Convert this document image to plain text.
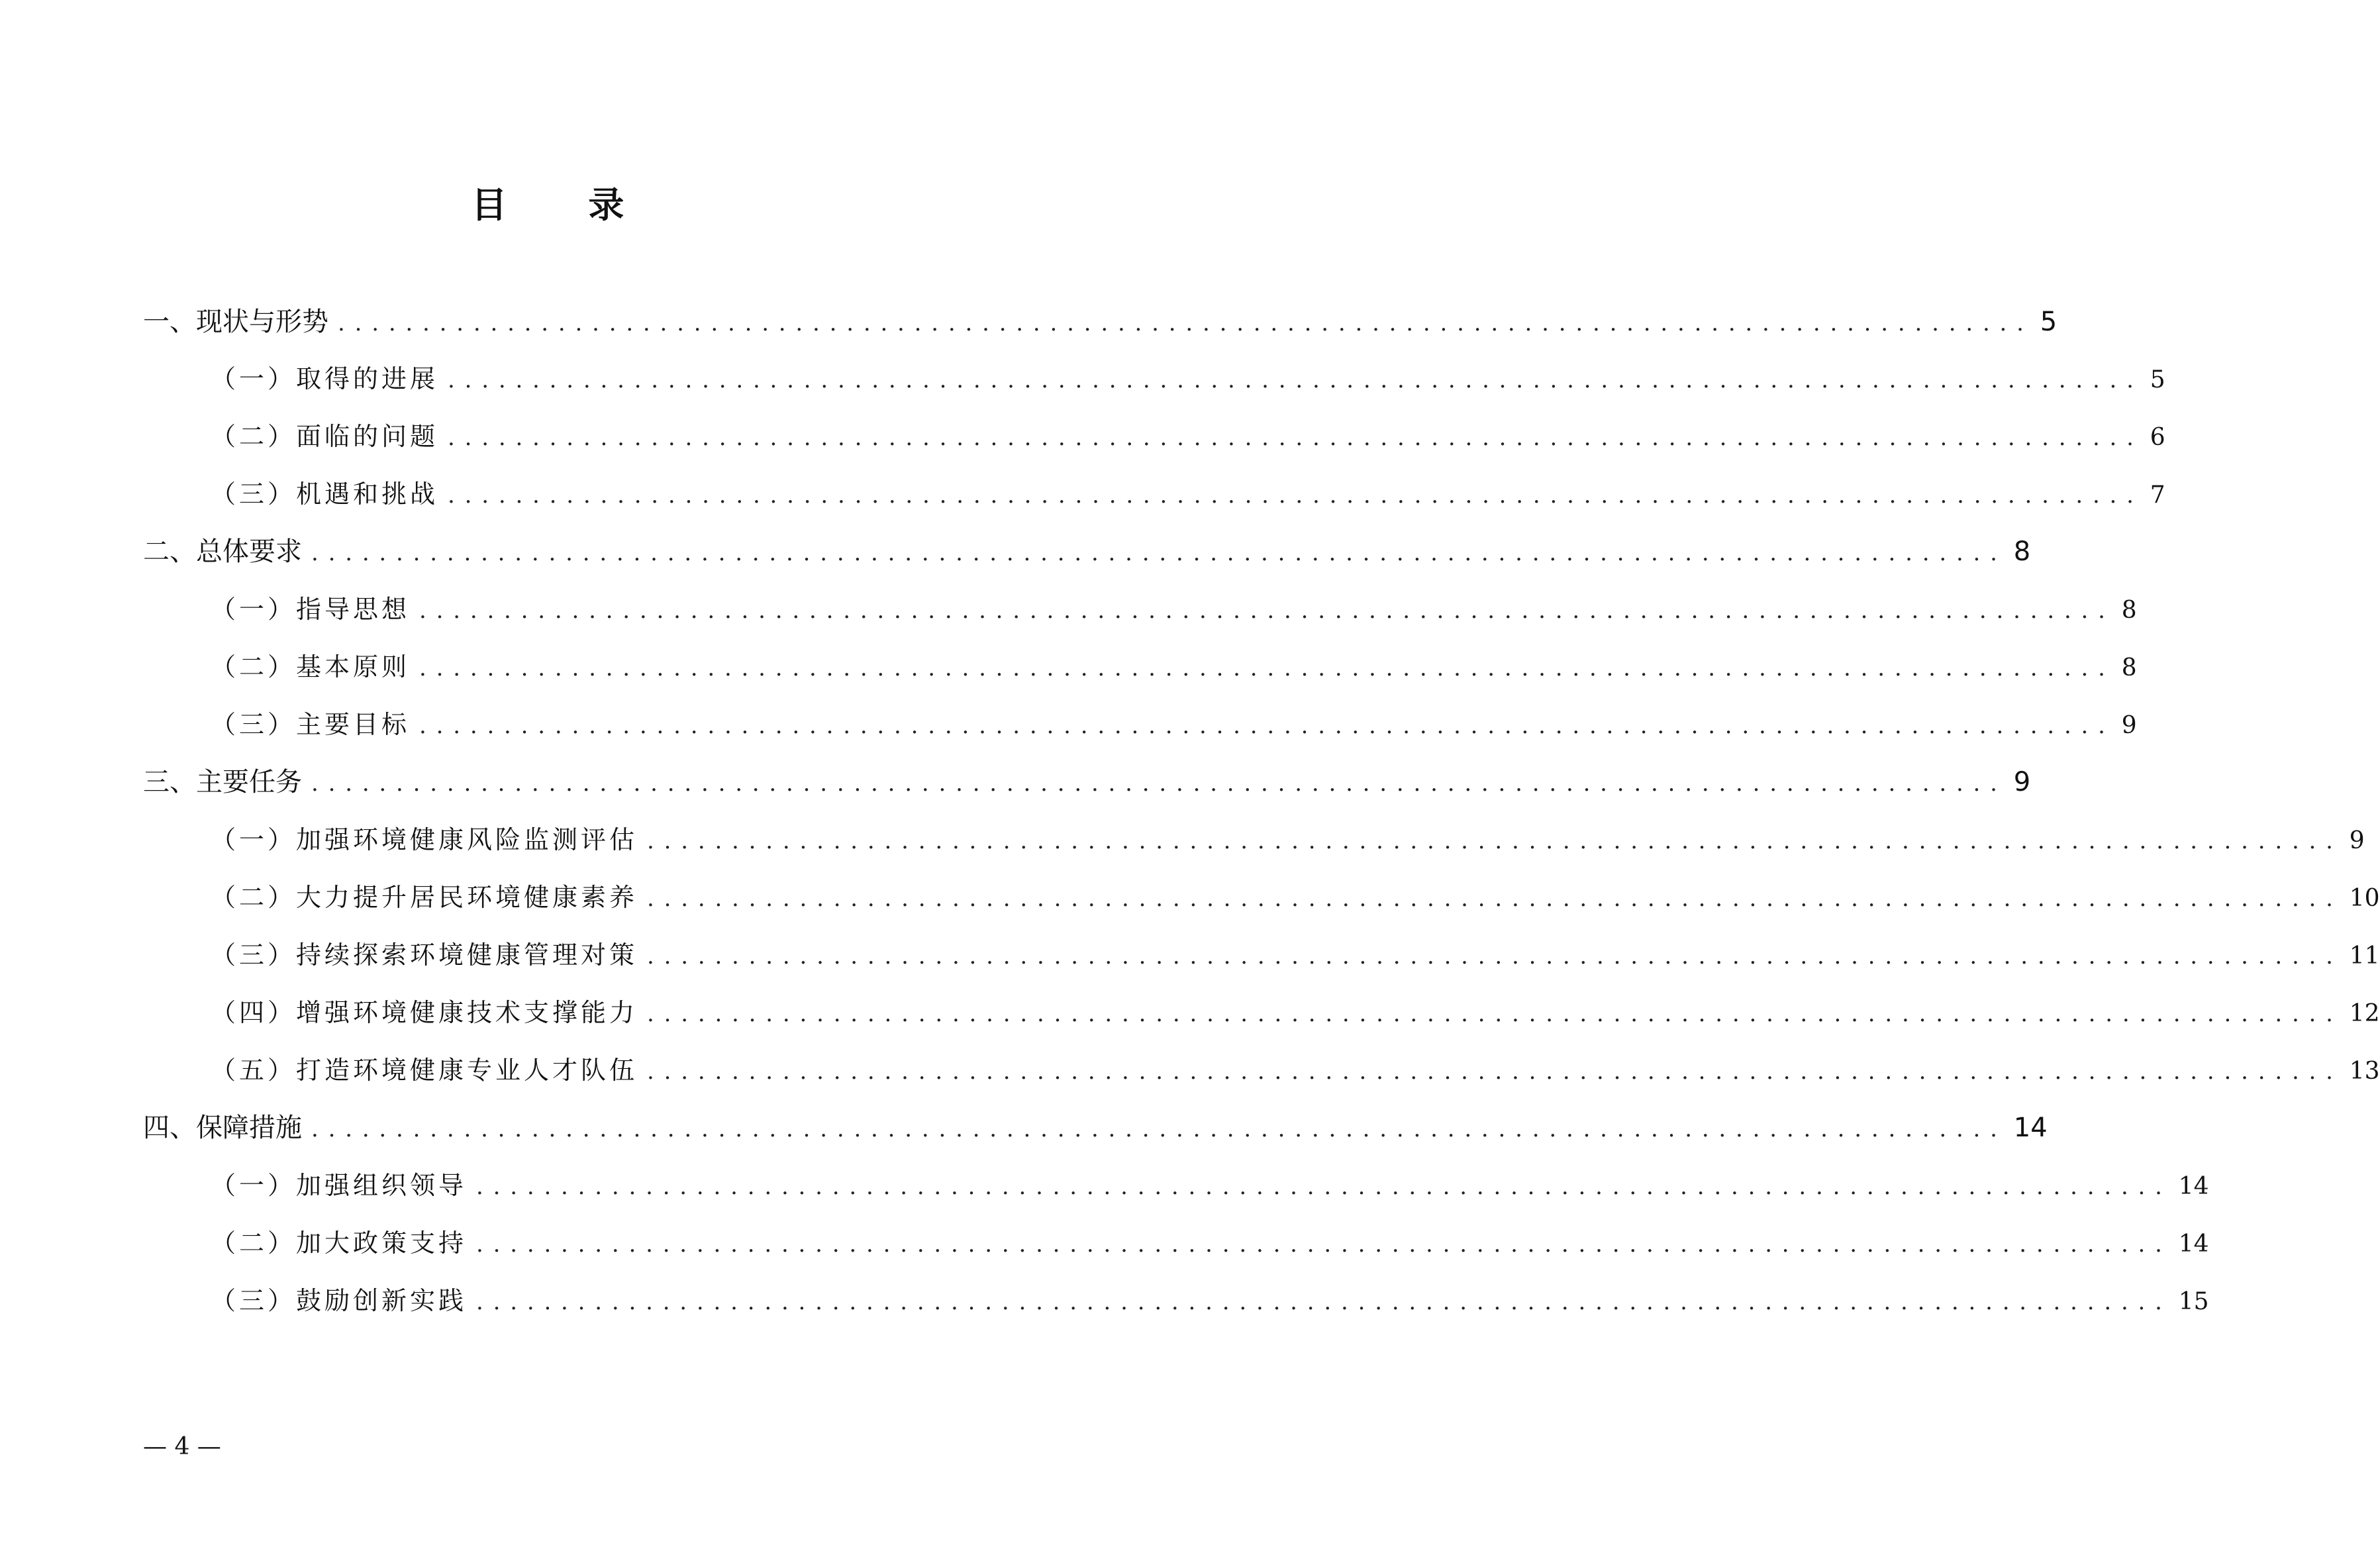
目 录
一、现状与形势 .................................................................................................... 5
（一）取得的进展 .................................................................................................... 5
（二）面临的问题 .................................................................................................... 6
（三）机遇和挑战 .................................................................................................... 7
二、总体要求 .................................................................................................... 8
（一）指导思想 .................................................................................................... 8
（二）基本原则 .................................................................................................... 8
（三）主要目标 .................................................................................................... 9
三、主要任务 .................................................................................................... 9
（一）加强环境健康风险监测评估 .................................................................................................... 9
（二）大力提升居民环境健康素养 .................................................................................................... 10
（三）持续探索环境健康管理对策 .................................................................................................... 11
（四）增强环境健康技术支撑能力 .................................................................................................... 12
（五）打造环境健康专业人才队伍 .................................................................................................... 13
四、保障措施 .................................................................................................... 14
（一）加强组织领导 .................................................................................................... 14
（二）加大政策支持 .................................................................................................... 14
（三）鼓励创新实践 .................................................................................................... 15
— 4 —
